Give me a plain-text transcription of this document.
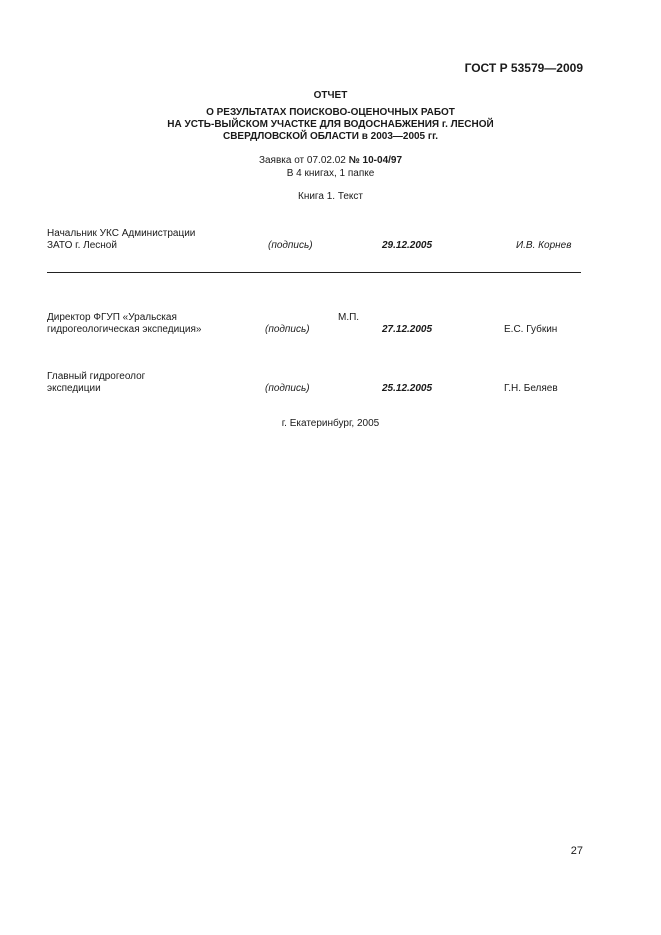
ГОСТ Р 53579—2009
ОТЧЕТ
О РЕЗУЛЬТАТАХ ПОИСКОВО-ОЦЕНОЧНЫХ РАБОТ
НА УСТЬ-ВЫЙСКОМ УЧАСТКЕ ДЛЯ ВОДОСНАБЖЕНИЯ г. ЛЕСНОЙ
СВЕРДЛОВСКОЙ ОБЛАСТИ в 2003—2005 гг.
Заявка от 07.02.02 № 10-04/97
В 4 книгах, 1 папке
Книга 1. Текст
Начальник УКС Администрации
ЗАТО г. Лесной	(подпись)	29.12.2005	И.В. Корнев
Директор ФГУП «Уральская
гидрогеологическая экспедиция»
М.П.
(подпись)	27.12.2005	Е.С. Губкин
Главный гидрогеолог
экспедиции	(подпись)	25.12.2005	Г.Н. Беляев
г. Екатеринбург, 2005
27
